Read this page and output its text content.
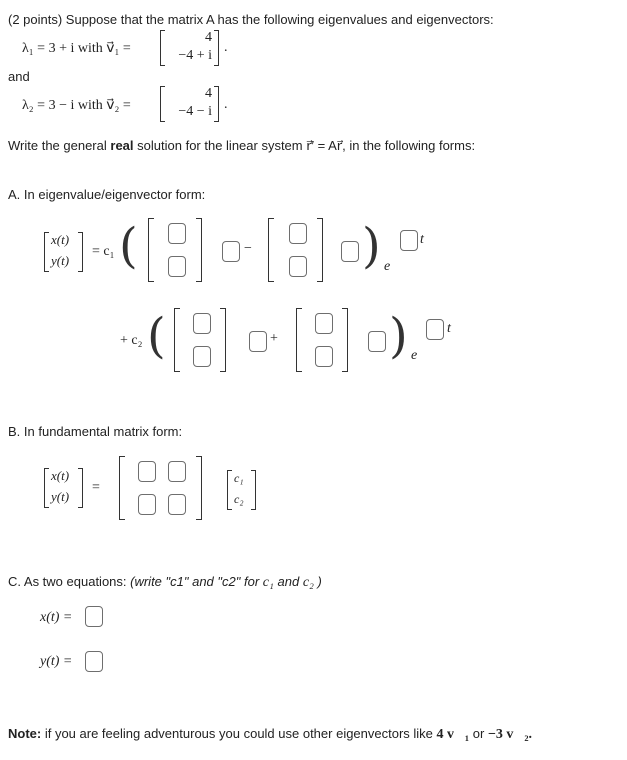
(2 points) Suppose that the matrix A has the following eigenvalues and eigenvectors:
λ₁ = 3 + i with v⃗₁ =
4
−4 + i
.
and
λ₂ = 3 − i with v⃗₂ =
4
−4 − i .
Write the general real solution for the linear system r⃗′ = Ar⃗, in the following forms:
A. In eigenvalue/eigenvector form:
x(t)
y(t)
= c₁ (	− ) e
t
+ c₂ (	+ ) e
t
B. In fundamental matrix form:
x(t)
y(t)
=
c₁
c₂
C. As two equations: (write "c1" and "c2" for c₁ and c₂ )
x(t) =
y(t) =
Note: if you are feeling adventurous you could use other eigenvectors like 4 v⃗₁ or −3 v⃗₂.
